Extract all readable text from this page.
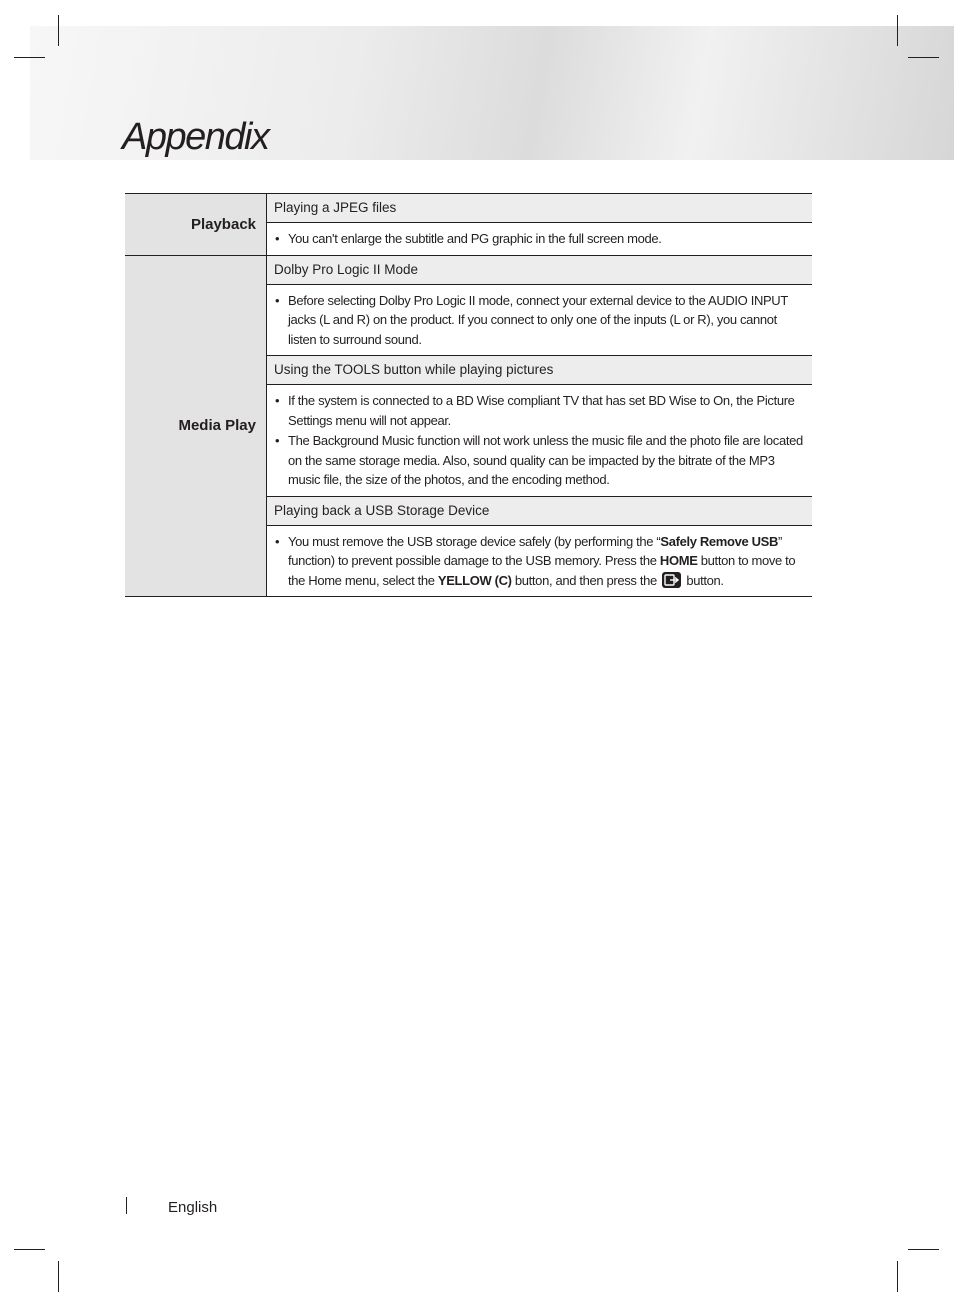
Appendix
Playback
Playing a JPEG files
• You can't enlarge the subtitle and PG graphic in the full screen mode.
Media Play
Dolby Pro Logic II Mode
• Before selecting Dolby Pro Logic II mode, connect your external device to the AUDIO INPUT jacks (L and R) on the product. If you connect to only one of the inputs (L or R), you cannot listen to surround sound.
Using the TOOLS button while playing pictures
• If the system is connected to a BD Wise compliant TV that has set BD Wise to On, the Picture Settings menu will not appear.
• The Background Music function will not work unless the music file and the photo file are located on the same storage media. Also, sound quality can be impacted by the bitrate of the MP3 music file, the size of the photos, and the encoding method.
Playing back a USB Storage Device
• You must remove the USB storage device safely (by performing the “Safely Remove USB” function) to prevent possible damage to the USB memory. Press the HOME button to move to the Home menu, select the YELLOW (C) button, and then press the
button.
English
